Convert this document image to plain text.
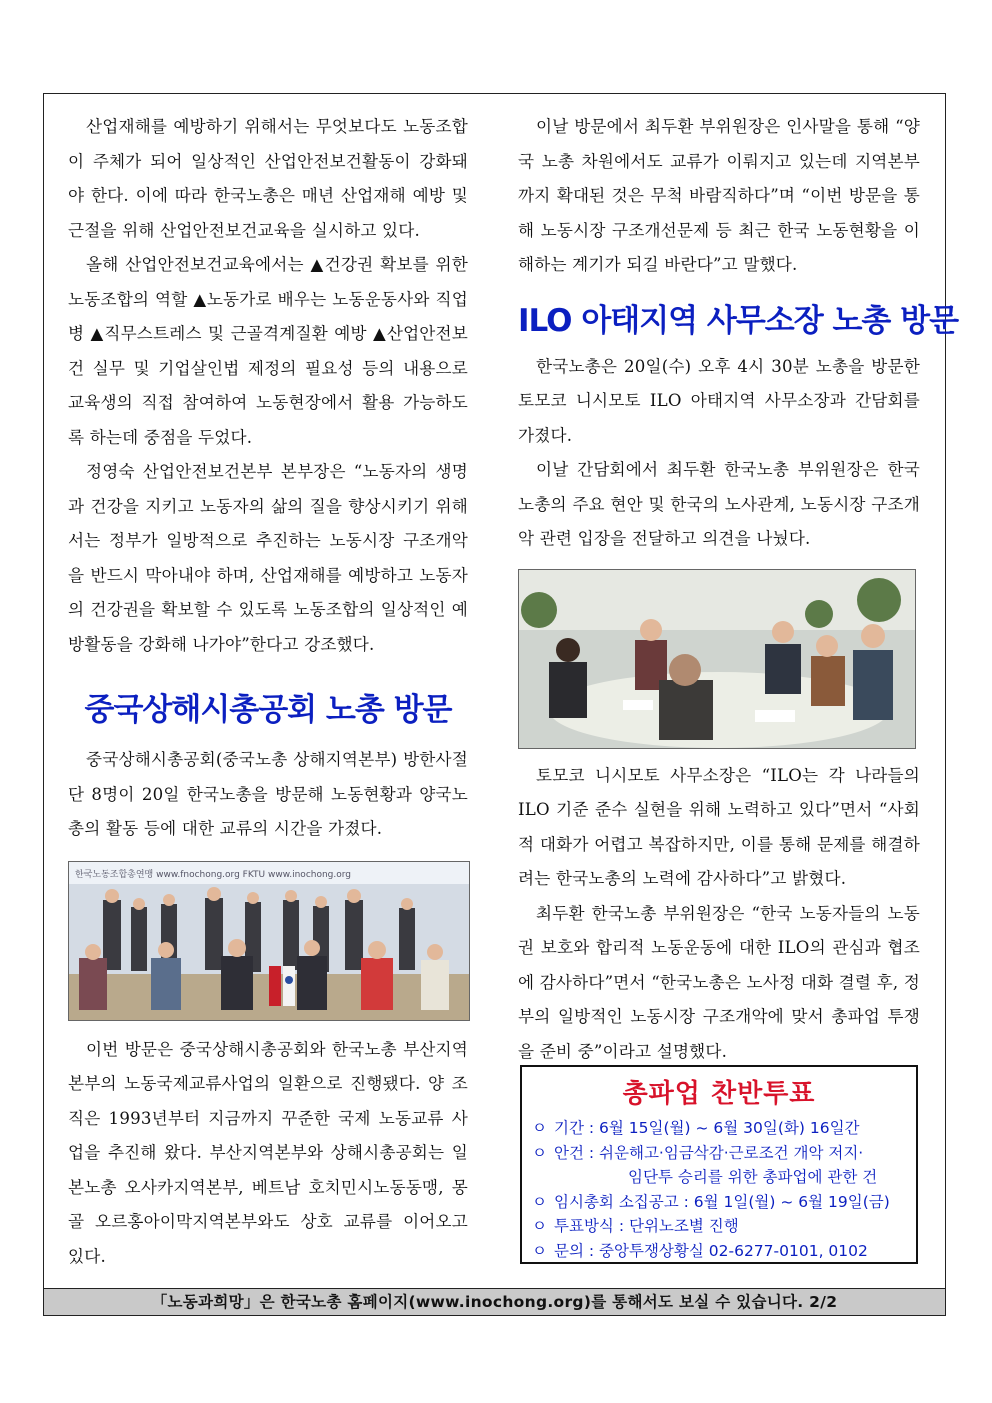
산업재해를 예방하기 위해서는 무엇보다도 노동조합이 주체가 되어 일상적인 산업안전보건활동이 강화돼야 한다. 이에 따라 한국노총은 매년 산업재해 예방 및 근절을 위해 산업안전보건교육을 실시하고 있다.

올해 산업안전보건교육에서는 ▲건강권 확보를 위한 노동조합의 역할 ▲노동가로 배우는 노동운동사와 직업병 ▲직무스트레스 및 근골격계질환 예방 ▲산업안전보건 실무 및 기업살인법 제정의 필요성 등의 내용으로 교육생의 직접 참여하여 노동현장에서 활용 가능하도록 하는데 중점을 두었다.

정영숙 산업안전보건본부 본부장은 “노동자의 생명과 건강을 지키고 노동자의 삶의 질을 향상시키기 위해서는 정부가 일방적으로 추진하는 노동시장 구조개악을 반드시 막아내야 하며, 산업재해를 예방하고 노동자의 건강권을 확보할 수 있도록 노동조합의 일상적인 예방활동을 강화해 나가야”한다고 강조했다.

중국상해시총공회 노총 방문

중국상해시총공회(중국노총 상해지역본부) 방한사절단 8명이 20일 한국노총을 방문해 노동현황과 양국노총의 활동 등에 대한 교류의 시간을 가졌다.

한국노동조합총연맹 www.fnochong.org FKTU www.inochong.org

이번 방문은 중국상해시총공회와 한국노총 부산지역본부의 노동국제교류사업의 일환으로 진행됐다. 양 조직은 1993년부터 지금까지 꾸준한 국제 노동교류 사업을 추진해 왔다. 부산지역본부와 상해시총공회는 일본노총 오사카지역본부, 베트남 호치민시노동동맹, 몽골 오르홍아이막지역본부와도 상호 교류를 이어오고 있다.

이날 방문에서 최두환 부위원장은 인사말을 통해 “양국 노총 차원에서도 교류가 이뤄지고 있는데 지역본부까지 확대된 것은 무척 바람직하다”며 “이번 방문을 통해 노동시장 구조개선문제 등 최근 한국 노동현황을 이해하는 계기가 되길 바란다”고 말했다.

ILO 아태지역 사무소장 노총 방문

한국노총은 20일(수) 오후 4시 30분 노총을 방문한 토모코 니시모토 ILO 아태지역 사무소장과 간담회를 가졌다.

이날 간담회에서 최두환 한국노총 부위원장은 한국노총의 주요 현안 및 한국의 노사관계, 노동시장 구조개악 관련 입장을 전달하고 의견을 나눴다.

토모코 니시모토 사무소장은 “ILO는 각 나라들의 ILO 기준 준수 실현을 위해 노력하고 있다”면서 “사회적 대화가 어렵고 복잡하지만, 이를 통해 문제를 해결하려는 한국노총의 노력에 감사하다”고 밝혔다.

최두환 한국노총 부위원장은 “한국 노동자들의 노동권 보호와 합리적 노동운동에 대한 ILO의 관심과 협조에 감사하다”면서 “한국노총은 노사정 대화 결렬 후, 정부의 일방적인 노동시장 구조개악에 맞서 총파업 투쟁을 준비 중”이라고 설명했다.

총파업 찬반투표
ㅇ 기간 : 6월 15일(월) ~ 6월 30일(화) 16일간
ㅇ 안건 : 쉬운해고·임금삭감·근로조건 개악 저지·
임단투 승리를 위한 총파업에 관한 건
ㅇ 임시총회 소집공고 : 6월 1일(월) ~ 6월 19일(금)
ㅇ 투표방식 : 단위노조별 진행
ㅇ 문의 : 중앙투쟁상황실 02-6277-0101, 0102
「노동과희망」은 한국노총 홈페이지(www.inochong.org)를 통해서도 보실 수 있습니다. 2/2
